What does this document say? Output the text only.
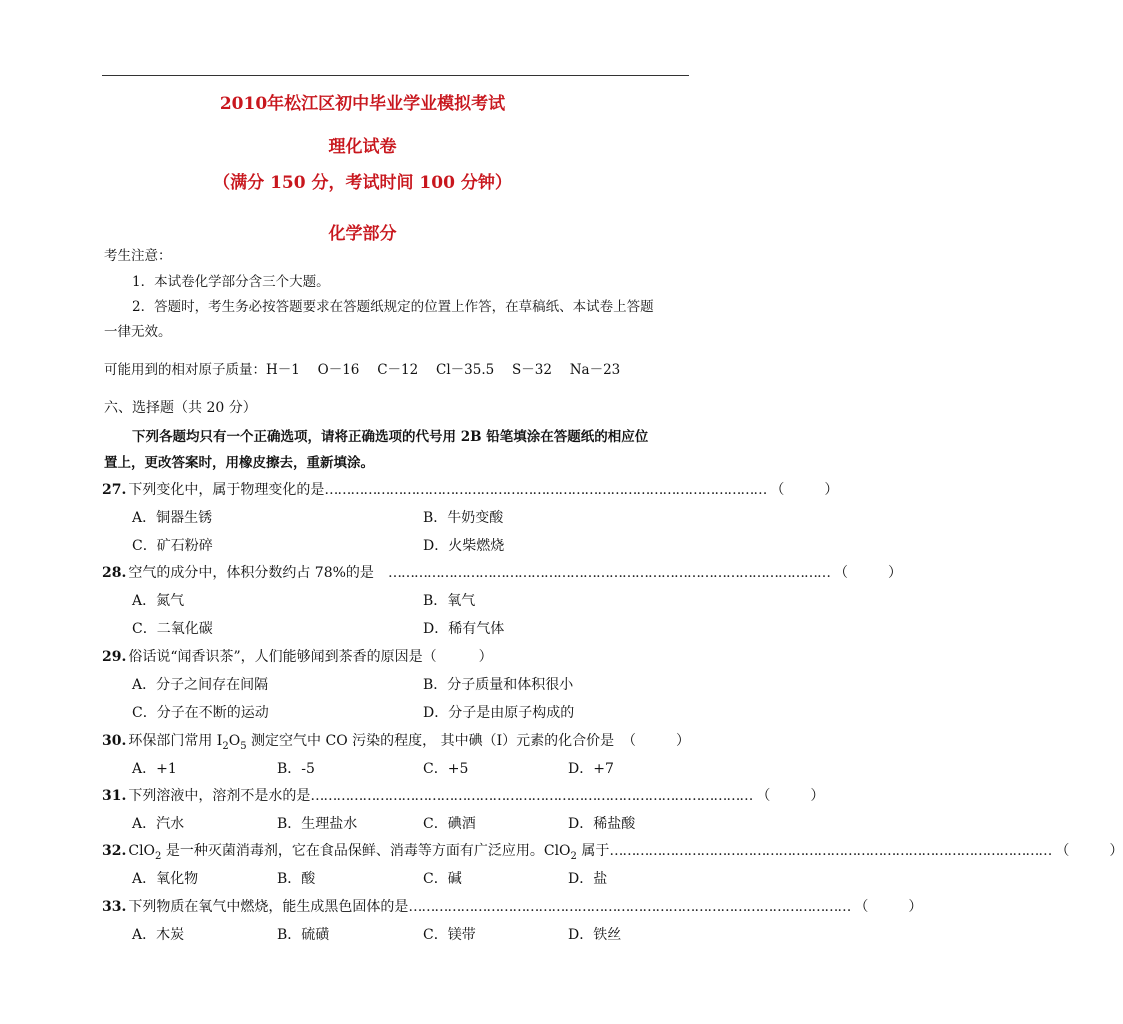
2010年松江区初中毕业学业模拟考试
理化试卷
（满分 150 分，考试时间 100 分钟）
化学部分
考生注意：
1．本试卷化学部分含三个大题。
2．答题时，考生务必按答题要求在答题纸规定的位置上作答，在草稿纸、本试卷上答题
一律无效。
可能用到的相对原子质量：H－1　 O－16　 C－12　 Cl－35.5　 S－32　 Na－23
六、选择题（共 20 分）
下列各题均只有一个正确选项，请将正确选项的代号用 2B 铅笔填涂在答题纸的相应位
置上，更改答案时，用橡皮擦去，重新填涂。
27. 下列变化中，属于物理变化的是 ………………………………………………………………………………………… （	）
A．铜器生锈	B．牛奶变酸
C．矿石粉碎	D．火柴燃烧
28. 空气的成分中，体积分数约占 78%的是　 ………………………………………………………………………………………… （	）
A．氮气	B．氧气
C．二氧化碳	D．稀有气体
29. 俗话说“闻香识茶”，人们能够闻到茶香的原因是（　　　）
A．分子之间存在间隔	B．分子质量和体积很小
C．分子在不断的运动	D．分子是由原子构成的
30. 环保部门常用 $I_2O_5$ 测定空气中 CO 污染的程度， 其中碘（I）元素的化合价是 （	）
A．+1	B．-5	C．+5	D．+7
31. 下列溶液中，溶剂不是水的是 ………………………………………………………………………………………… （	）
A．汽水	B．生理盐水	C．碘酒	D．稀盐酸
32. ClO$_2$ 是一种灭菌消毒剂，它在食品保鲜、消毒等方面有广泛应用。ClO$_2$ 属于 ………………………………………………………………………………………… （	）
A．氧化物	B．酸	C．碱	D．盐
33. 下列物质在氧气中燃烧，能生成黑色固体的是 ………………………………………………………………………………………… （	）
A．木炭	B．硫磺	C．镁带	D．铁丝
